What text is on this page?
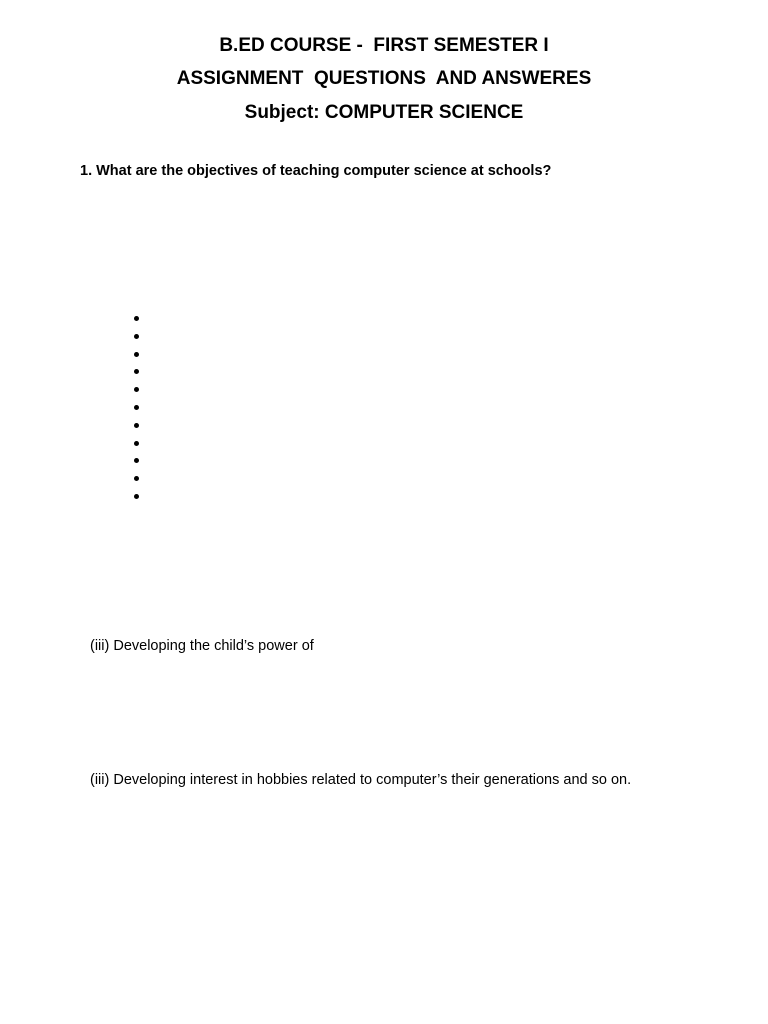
B.ED COURSE -  FIRST SEMESTER I
ASSIGNMENT  QUESTIONS  AND ANSWERES
Subject: COMPUTER SCIENCE
1. What are the objectives of teaching computer science at schools?
(iii) Developing the child’s power of
(iii) Developing interest in hobbies related to computer’s their generations and so on.
